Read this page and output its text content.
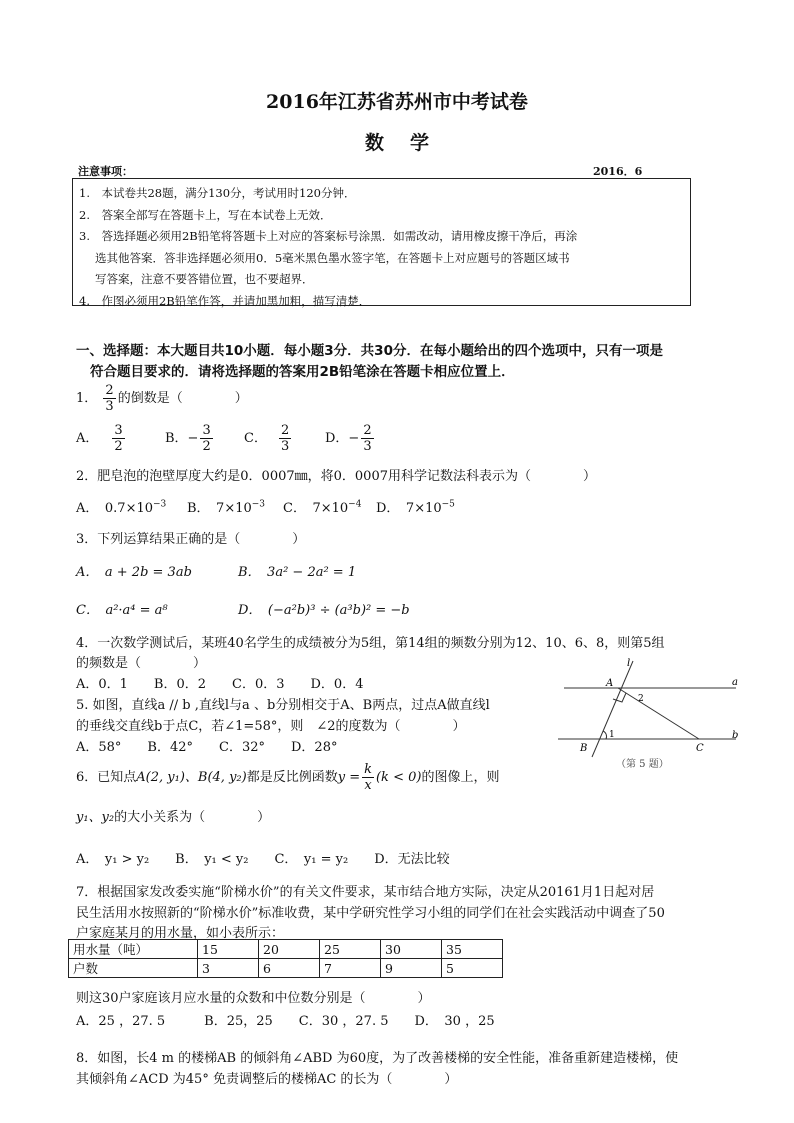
2016年江苏省苏州市中考试卷
数学
注意事项：	2016．6
1.　本试卷共28题，满分130分，考试用时120分钟．
2.　答案全部写在答题卡上，写在本试卷上无效．
3.　答选择题必须用2B铅笔将答题卡上对应的答案标号涂黑．如需改动，请用橡皮擦干净后，再涂
选其他答案．答非选择题必须用0．5毫米黑色墨水签字笔，在答题卡上对应题号的答题区域书
写答案，注意不要答错位置，也不要超界．
4.　作图必须用2B铅笔作答，并请加黑加粗，描写清楚．
一、选择题：本大题目共10小题．每小题3分．共30分．在每小题给出的四个选项中，只有一项是
符合题目要求的．请将选择题的答案用2B铅笔涂在答题卡相应位置上．
1． $\frac{2}{3}$ 的倒数是（　　　　）
A． $\frac{3}{2}$	B．− $\frac{3}{2}$ C． $\frac{2}{3}$	D．− $\frac{2}{3}$
2．肥皂泡的泡壁厚度大约是0．0007㎜，将0．0007用科学记数法科表示为（　　　　）
A．　$0.7\times 10^{-3}$ B．　$7\times 10^{-3}$ C．　$7\times 10^{-4}$ D．　$7\times 10^{-5}$
3．下列运算结果正确的是（　　　　）
A．　a + 2b = 3ab	B．　3a² − 2a² = 1
C．　a²·a⁴ = a⁸	D．　(−a²b)³ ÷ (a³b)² = −b
4．一次数学测试后，某班40名学生的成绩被分为5组，第14组的频数分别为12、10、6、8，则第5组
的频数是（　　　　）
A．0．1　　B．0．2　　C．0．3　　D．0．4
5. 如图，直线a // b ,直线l与a 、b分别相交于A、B两点，过点A做直线l
的垂线交直线b于点C，若∠1=58°，则　∠2的度数为（　　　　）
A．58°　　B．42°　　C．32°　　D．28°
l
a
b
A
B	C
1
2
（第 5 题）
6．已知点A(2, y₁)、B(4, y₂)都是反比例函数$y = \frac{k}{x} (k < 0)$的图像上，则
y₁、y₂的大小关系为（　　　　）
A．　y₁ > y₂　　B．　y₁ < y₂　　C．　y₁ = y₂　　D．无法比较
7．根据国家发改委实施“阶梯水价”的有关文件要求，某市结合地方实际，决定从20161月1日起对居
民生活用水按照新的“阶梯水价”标准收费，某中学研究性学习小组的同学们在社会实践活动中调查了50
户家庭某月的用水量，如小表所示：
用水量（吨）	15	20	25	30	35
户数	3	6	7	9	5
则这30户家庭该月应水量的众数和中位数分别是（　　　　）
A．25 ，27. 5　　　B．25，25　　C．30 ，27. 5　　D．　30 ，25
8．如图，长4 m 的楼梯AB 的倾斜角∠ABD 为60度，为了改善楼梯的安全性能，准备重新建造楼梯，使
其倾斜角∠ACD 为45° 免责调整后的楼梯AC 的长为（　　　　）
